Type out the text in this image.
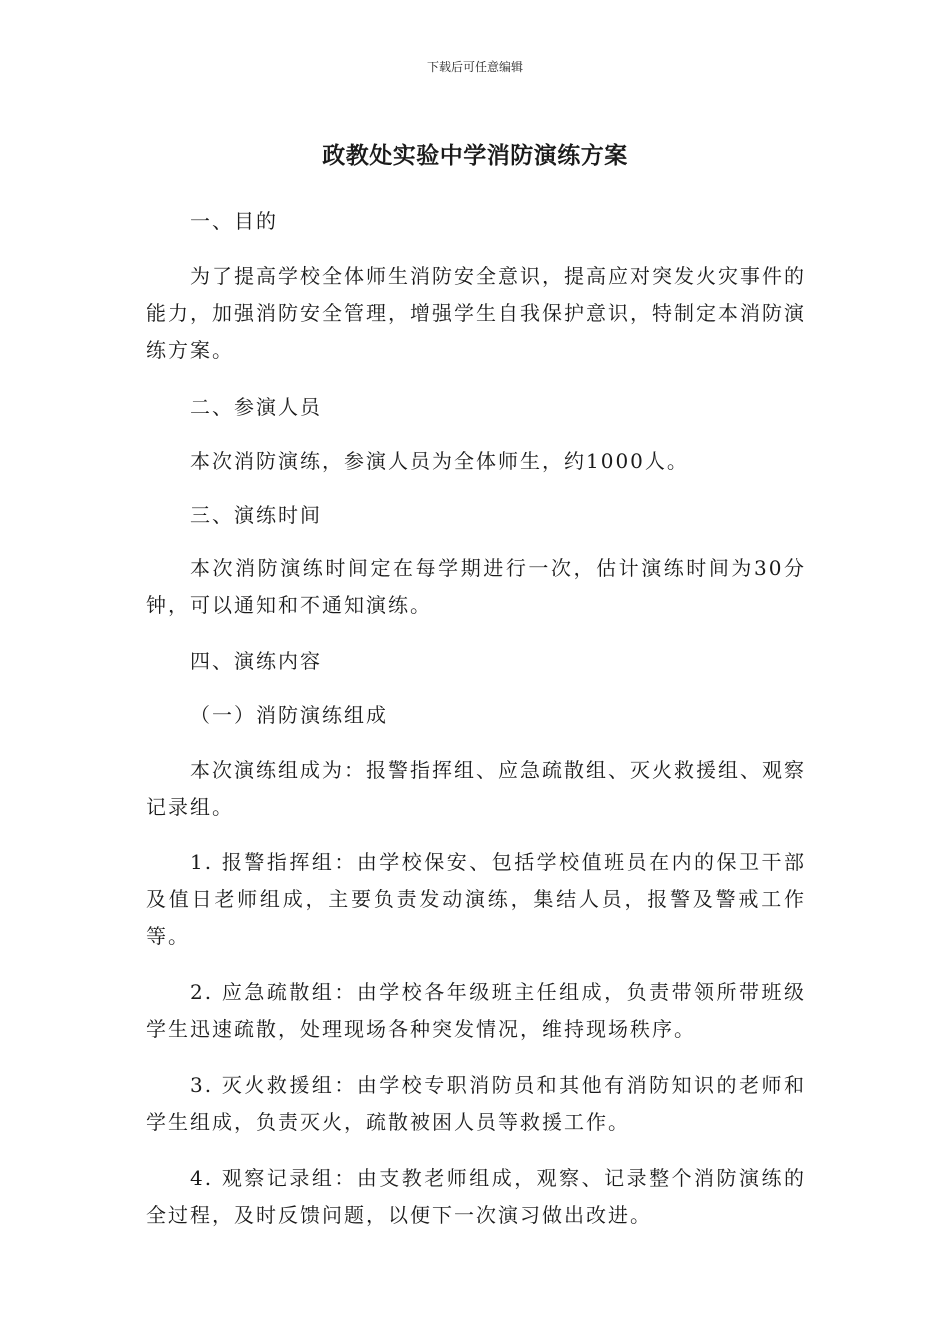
下载后可任意编辑
政教处实验中学消防演练方案

一、目的

为了提高学校全体师生消防安全意识，提高应对突发火灾事件的能力，加强消防安全管理，增强学生自我保护意识，特制定本消防演练方案。

二、参演人员

本次消防演练，参演人员为全体师生，约1000人。

三、演练时间

本次消防演练时间定在每学期进行一次，估计演练时间为30分钟，可以通知和不通知演练。

四、演练内容

（一）消防演练组成

本次演练组成为：报警指挥组、应急疏散组、灭火救援组、观察记录组。

1. 报警指挥组：由学校保安、包括学校值班员在内的保卫干部及值日老师组成，主要负责发动演练，集结人员，报警及警戒工作等。

2. 应急疏散组：由学校各年级班主任组成，负责带领所带班级学生迅速疏散，处理现场各种突发情况，维持现场秩序。

3. 灭火救援组：由学校专职消防员和其他有消防知识的老师和学生组成，负责灭火，疏散被困人员等救援工作。

4. 观察记录组：由支教老师组成，观察、记录整个消防演练的全过程，及时反馈问题，以便下一次演习做出改进。
